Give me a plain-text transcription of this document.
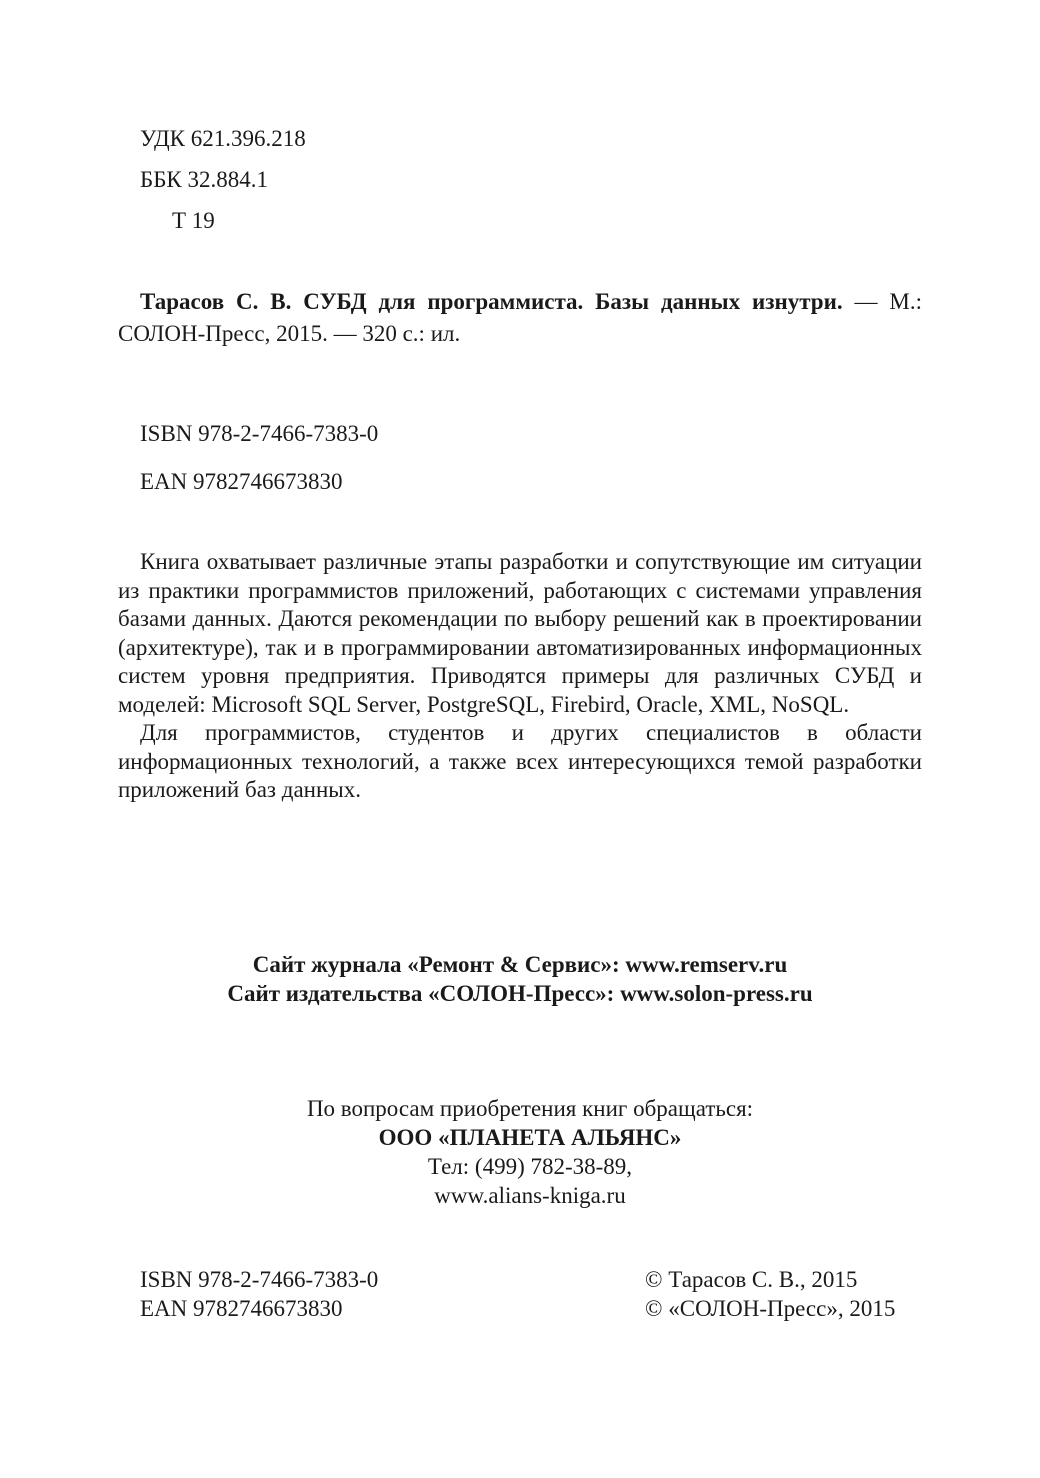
УДК 621.396.218
ББК 32.884.1
Т 19
Тарасов С. В. СУБД для программиста. Базы данных изнутри. — М.: СОЛОН-Пресс, 2015. — 320 с.: ил.
ISBN 978-2-7466-7383-0
EAN 9782746673830

Книга охватывает различные этапы разработки и сопутствующие им ситуации из практики программистов приложений, работающих с системами управления базами данных. Даются рекомендации по выбору решений как в проектировании (архитектуре), так и в программировании автоматизированных информационных систем уровня предприятия. Приводятся примеры для различных СУБД и моделей: Microsoft SQL Server, PostgreSQL, Firebird, Oracle, XML, NoSQL.

Для программистов, студентов и других специалистов в области информационных технологий, а также всех интересующихся темой разработки приложений баз данных.

Сайт журнала «Ремонт & Сервис»: www.remserv.ru
Сайт издательства «СОЛОН-Пресс»: www.solon-press.ru
По вопросам приобретения книг обращаться:
ООО «ПЛАНЕТА АЛЬЯНС»
Тел: (499) 782-38-89,
www.alians-kniga.ru
ISBN 978-2-7466-7383-0
EAN 9782746673830
© Тарасов С. В., 2015
© «СОЛОН-Пресс», 2015
